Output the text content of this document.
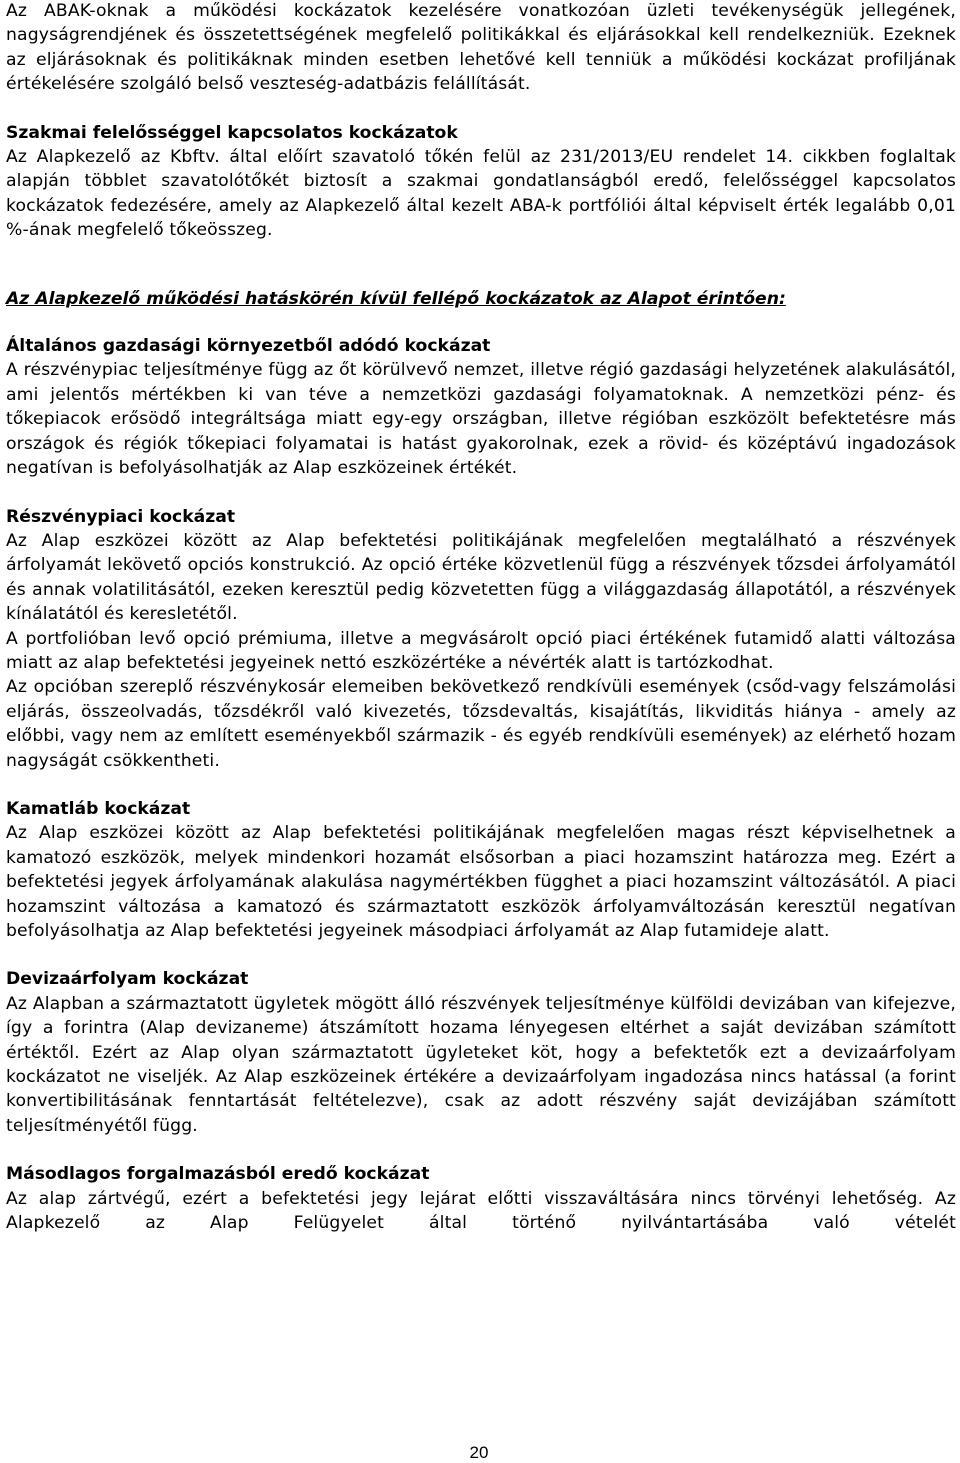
Az ABAK-oknak a működési kockázatok kezelésére vonatkozóan üzleti tevékenységük jellegének, nagyságrendjének és összetettségének megfelelő politikákkal és eljárásokkal kell rendelkezniük. Ezeknek az eljárásoknak és politikáknak minden esetben lehetővé kell tenniük a működési kockázat profiljának értékelésére szolgáló belső veszteség-adatbázis felállítását.

Szakmai felelősséggel kapcsolatos kockázatok

Az Alapkezelő az Kbftv. által előírt szavatoló tőkén felül az 231/2013/EU rendelet 14. cikkben foglaltak alapján többlet szavatolótőkét biztosít a szakmai gondatlanságból eredő, felelősséggel kapcsolatos kockázatok fedezésére, amely az Alapkezelő által kezelt ABA-k portfóliói által képviselt érték legalább 0,01 %-ának megfelelő tőkeösszeg.

Az Alapkezelő működési hatáskörén kívül fellépő kockázatok az Alapot érintően:

Általános gazdasági környezetből adódó kockázat

A részvénypiac teljesítménye függ az őt körülvevő nemzet, illetve régió gazdasági helyzetének alakulásától, ami jelentős mértékben ki van téve a nemzetközi gazdasági folyamatoknak. A nemzetközi pénz- és tőkepiacok erősödő integráltsága miatt egy-egy országban, illetve régióban eszközölt befektetésre más országok és régiók tőkepiaci folyamatai is hatást gyakorolnak, ezek a rövid- és középtávú ingadozások negatívan is befolyásolhatják az Alap eszközeinek értékét.

Részvénypiaci kockázat

Az Alap eszközei között az Alap befektetési politikájának megfelelően megtalálható a részvények árfolyamát lekövető opciós konstrukció. Az opció értéke közvetlenül függ a részvények tőzsdei árfolyamától és annak volatilitásától, ezeken keresztül pedig közvetetten függ a világgazdaság állapotától, a részvények kínálatától és keresletétől.

A portfolióban levő opció prémiuma, illetve a megvásárolt opció piaci értékének futamidő alatti változása miatt az alap befektetési jegyeinek nettó eszközértéke a névérték alatt is tartózkodhat.

Az opcióban szereplő részvénykosár elemeiben bekövetkező rendkívüli események (csőd-vagy felszámolási eljárás, összeolvadás, tőzsdékről való kivezetés, tőzsdevaltás, kisajátítás, likviditás hiánya - amely az előbbi, vagy nem az említett eseményekből származik - és egyéb rendkívüli események) az elérhető hozam nagyságát csökkentheti.

Kamatláb kockázat

Az Alap eszközei között az Alap befektetési politikájának megfelelően magas részt képviselhetnek a kamatozó eszközök, melyek mindenkori hozamát elsősorban a piaci hozamszint határozza meg. Ezért a befektetési jegyek árfolyamának alakulása nagymértékben függhet a piaci hozamszint változásától. A piaci hozamszint változása a kamatozó és származtatott eszközök árfolyamváltozásán keresztül negatívan befolyásolhatja az Alap befektetési jegyeinek másodpiaci árfolyamát az Alap futamideje alatt.

Devizaárfolyam kockázat

Az Alapban a származtatott ügyletek mögött álló részvények teljesítménye külföldi devizában van kifejezve, így a forintra (Alap devizaneme) átszámított hozama lényegesen eltérhet a saját devizában számított értéktől. Ezért az Alap olyan származtatott ügyleteket köt, hogy a befektetők ezt a devizaárfolyam kockázatot ne viseljék. Az Alap eszközeinek értékére a devizaárfolyam ingadozása nincs hatással (a forint konvertibilitásának fenntartását feltételezve), csak az adott részvény saját devizájában számított teljesítményétől függ.

Másodlagos forgalmazásból eredő kockázat

Az alap zártvégű, ezért a befektetési jegy lejárat előtti visszaváltására nincs törvényi lehetőség. Az Alapkezelő az Alap Felügyelet által történő nyilvántartásába való vételét

20
